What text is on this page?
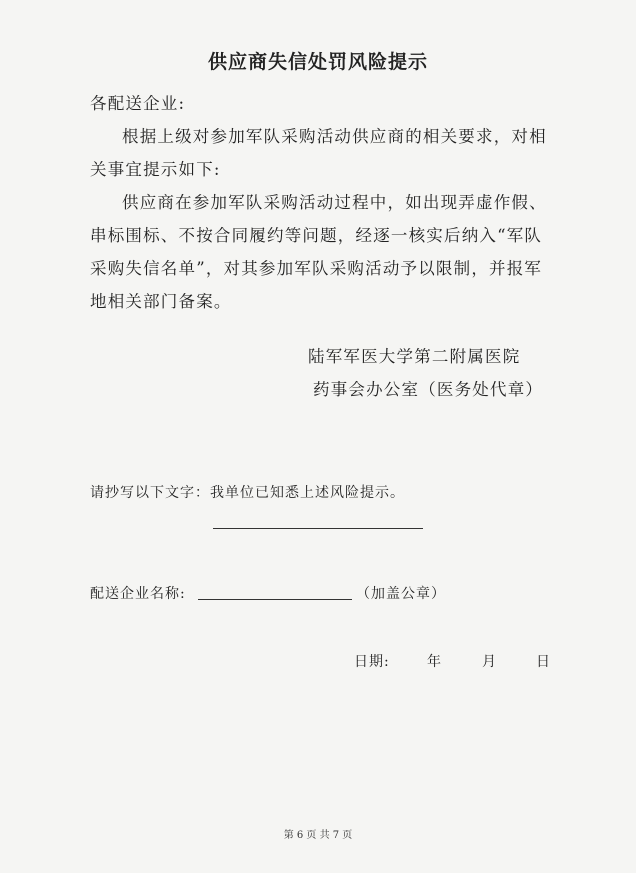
供应商失信处罚风险提示
各配送企业:
根据上级对参加军队采购活动供应商的相关要求，对相
关事宜提示如下:
供应商在参加军队采购活动过程中，如出现弄虚作假、
串标围标、不按合同履约等问题，经逐一核实后纳入“军队
采购失信名单”，对其参加军队采购活动予以限制，并报军
地相关部门备案。
陆军军医大学第二附属医院
药事会办公室（医务处代章）
请抄写以下文字：我单位已知悉上述风险提示。
配送企业名称:	（加盖公章）
日期:	年	月	日
第 6 页 共 7 页
